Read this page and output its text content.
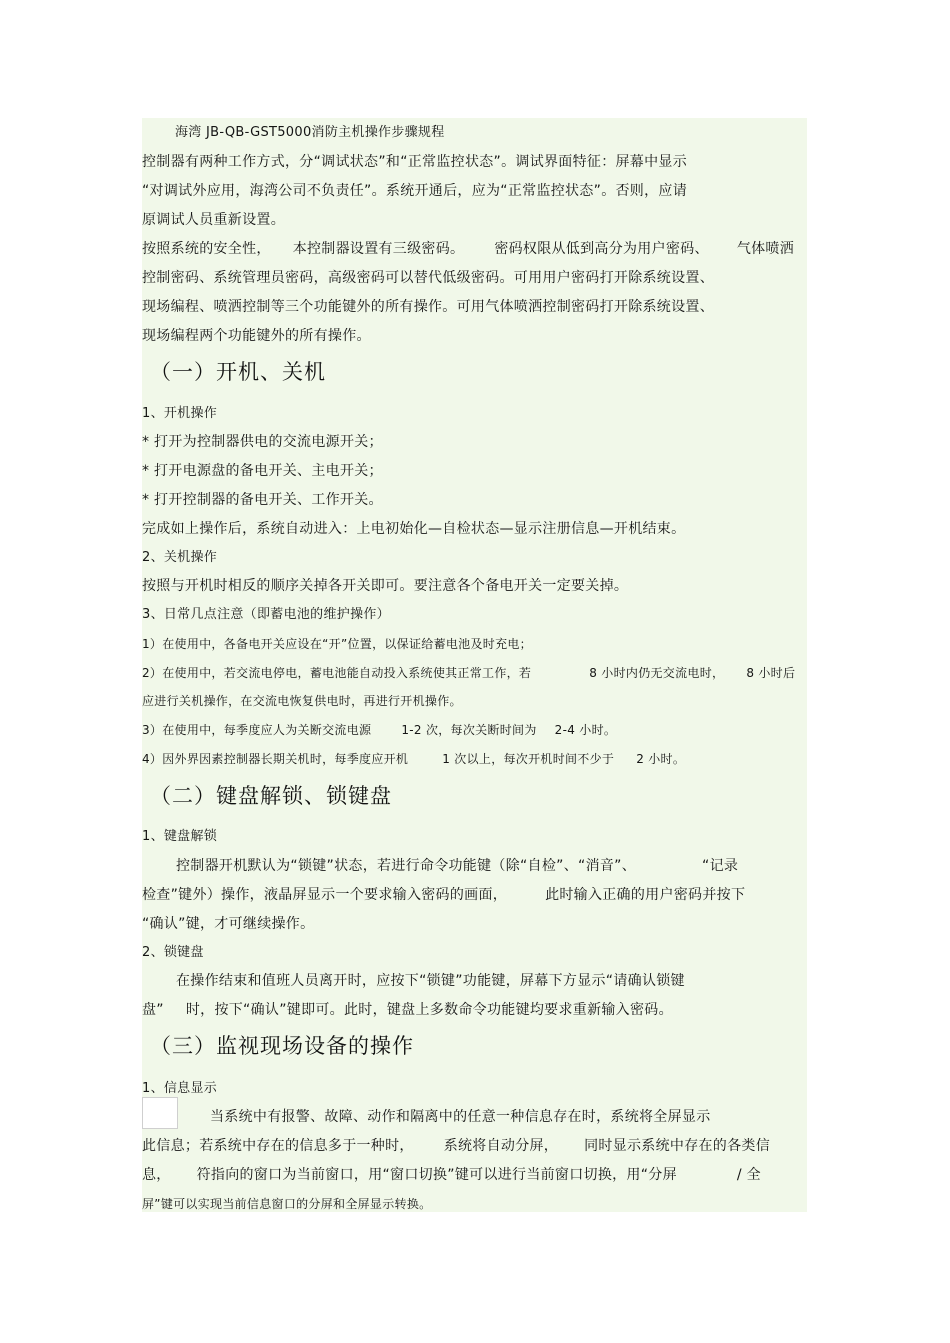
海湾 JB-QB-GST5000消防主机操作步骤规程
控制器有两种工作方式，分“调试状态”和“正常监控状态”。调试界面特征：屏幕中显示
“对调试外应用，海湾公司不负责任”。系统开通后，应为“正常监控状态”。否则，应请
原调试人员重新设置。
按照系统的安全性， 本控制器设置有三级密码。 密码权限从低到高分为用户密码、 气体喷洒
控制密码、系统管理员密码，高级密码可以替代低级密码。可用用户密码打开除系统设置、
现场编程、喷洒控制等三个功能键外的所有操作。可用气体喷洒控制密码打开除系统设置、
现场编程两个功能键外的所有操作。
（一）开机、关机
1、开机操作
* 打开为控制器供电的交流电源开关；
* 打开电源盘的备电开关、主电开关；
* 打开控制器的备电开关、工作开关。
完成如上操作后，系统自动进入：上电初始化—自检状态—显示注册信息—开机结束。
2、关机操作
按照与开机时相反的顺序关掉各开关即可。要注意各个备电开关一定要关掉。
3、日常几点注意（即蓄电池的维护操作）
1）在使用中，各备电开关应设在“开”位置，以保证给蓄电池及时充电；
2）在使用中，若交流电停电，蓄电池能自动投入系统使其正常工作，若	8 小时内仍无交流电时， 8 小时后
应进行关机操作，在交流电恢复供电时，再进行开机操作。
3）在使用中，每季度应人为关断交流电源	1-2 次，每次关断时间为 2-4 小时。
4）因外界因素控制器长期关机时，每季度应开机	1 次以上，每次开机时间不少于 2 小时。
（二）键盘解锁、锁键盘
1、键盘解锁
控制器开机默认为“锁键”状态，若进行命令功能键（除“自检”、“消音”、	“记录
检查”键外）操作，液晶屏显示一个要求输入密码的画面，	此时输入正确的用户密码并按下
“确认”键，才可继续操作。
2、锁键盘
在操作结束和值班人员离开时，应按下“锁键”功能键，屏幕下方显示“请确认锁键
盘” 时，按下“确认”键即可。此时，键盘上多数命令功能键均要求重新输入密码。
（三）监视现场设备的操作
1、信息显示
当系统中有报警、故障、动作和隔离中的任意一种信息存在时，系统将全屏显示
此信息；若系统中存在的信息多于一种时， 系统将自动分屏， 同时显示系统中存在的各类信
息， 符指向的窗口为当前窗口，用“窗口切换”键可以进行当前窗口切换，用“分屏	/ 全
屏”键可以实现当前信息窗口的分屏和全屏显示转换。
